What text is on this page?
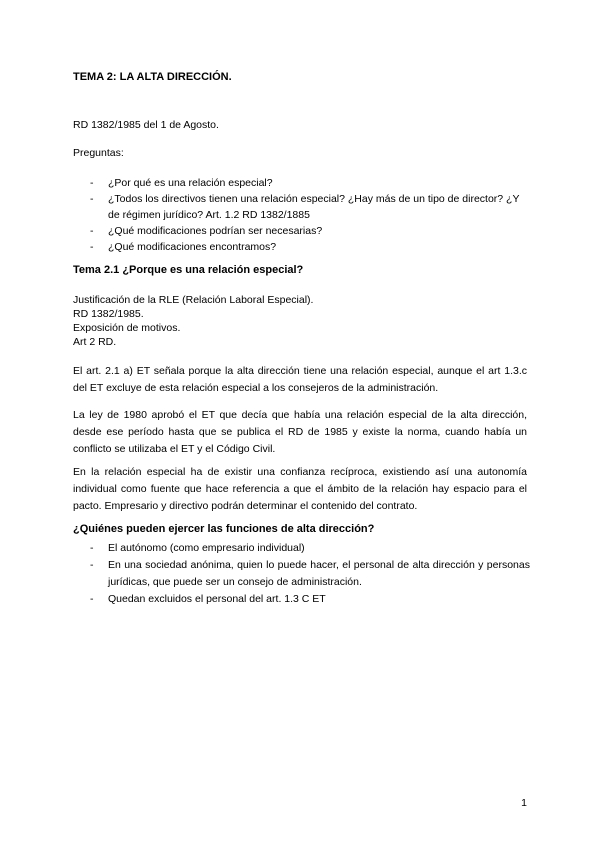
TEMA 2: LA ALTA DIRECCIÓN.
RD 1382/1985 del 1 de Agosto.
Preguntas:
- ¿Por qué es una relación especial?
- ¿Todos los directivos tienen una relación especial? ¿Hay más de un tipo de director? ¿Y de régimen jurídico? Art. 1.2 RD 1382/1885
- ¿Qué modificaciones podrían ser necesarias?
- ¿Qué modificaciones encontramos?
Tema 2.1 ¿Porque es una relación especial?
Justificación de la RLE (Relación Laboral Especial).
RD 1382/1985.
Exposición de motivos.
Art 2 RD.
El art. 2.1 a) ET señala porque la alta dirección tiene una relación especial, aunque el art 1.3.c del ET excluye de esta relación especial a los consejeros de la administración.
La ley de 1980 aprobó el ET que decía que había una relación especial de la alta dirección, desde ese período hasta que se publica el RD de 1985 y existe la norma, cuando había un conflicto se utilizaba el ET y el Código Civil.
En la relación especial ha de existir una confianza recíproca, existiendo así una autonomía individual como fuente que hace referencia a que el ámbito de la relación hay espacio para el pacto. Empresario y directivo podrán determinar el contenido del contrato.
¿Quiénes pueden ejercer las funciones de alta dirección?
- El autónomo (como empresario individual)
- En una sociedad anónima, quien lo puede hacer, el personal de alta dirección y personas jurídicas, que puede ser un consejo de administración.
- Quedan excluidos el personal del art. 1.3 C ET
1
